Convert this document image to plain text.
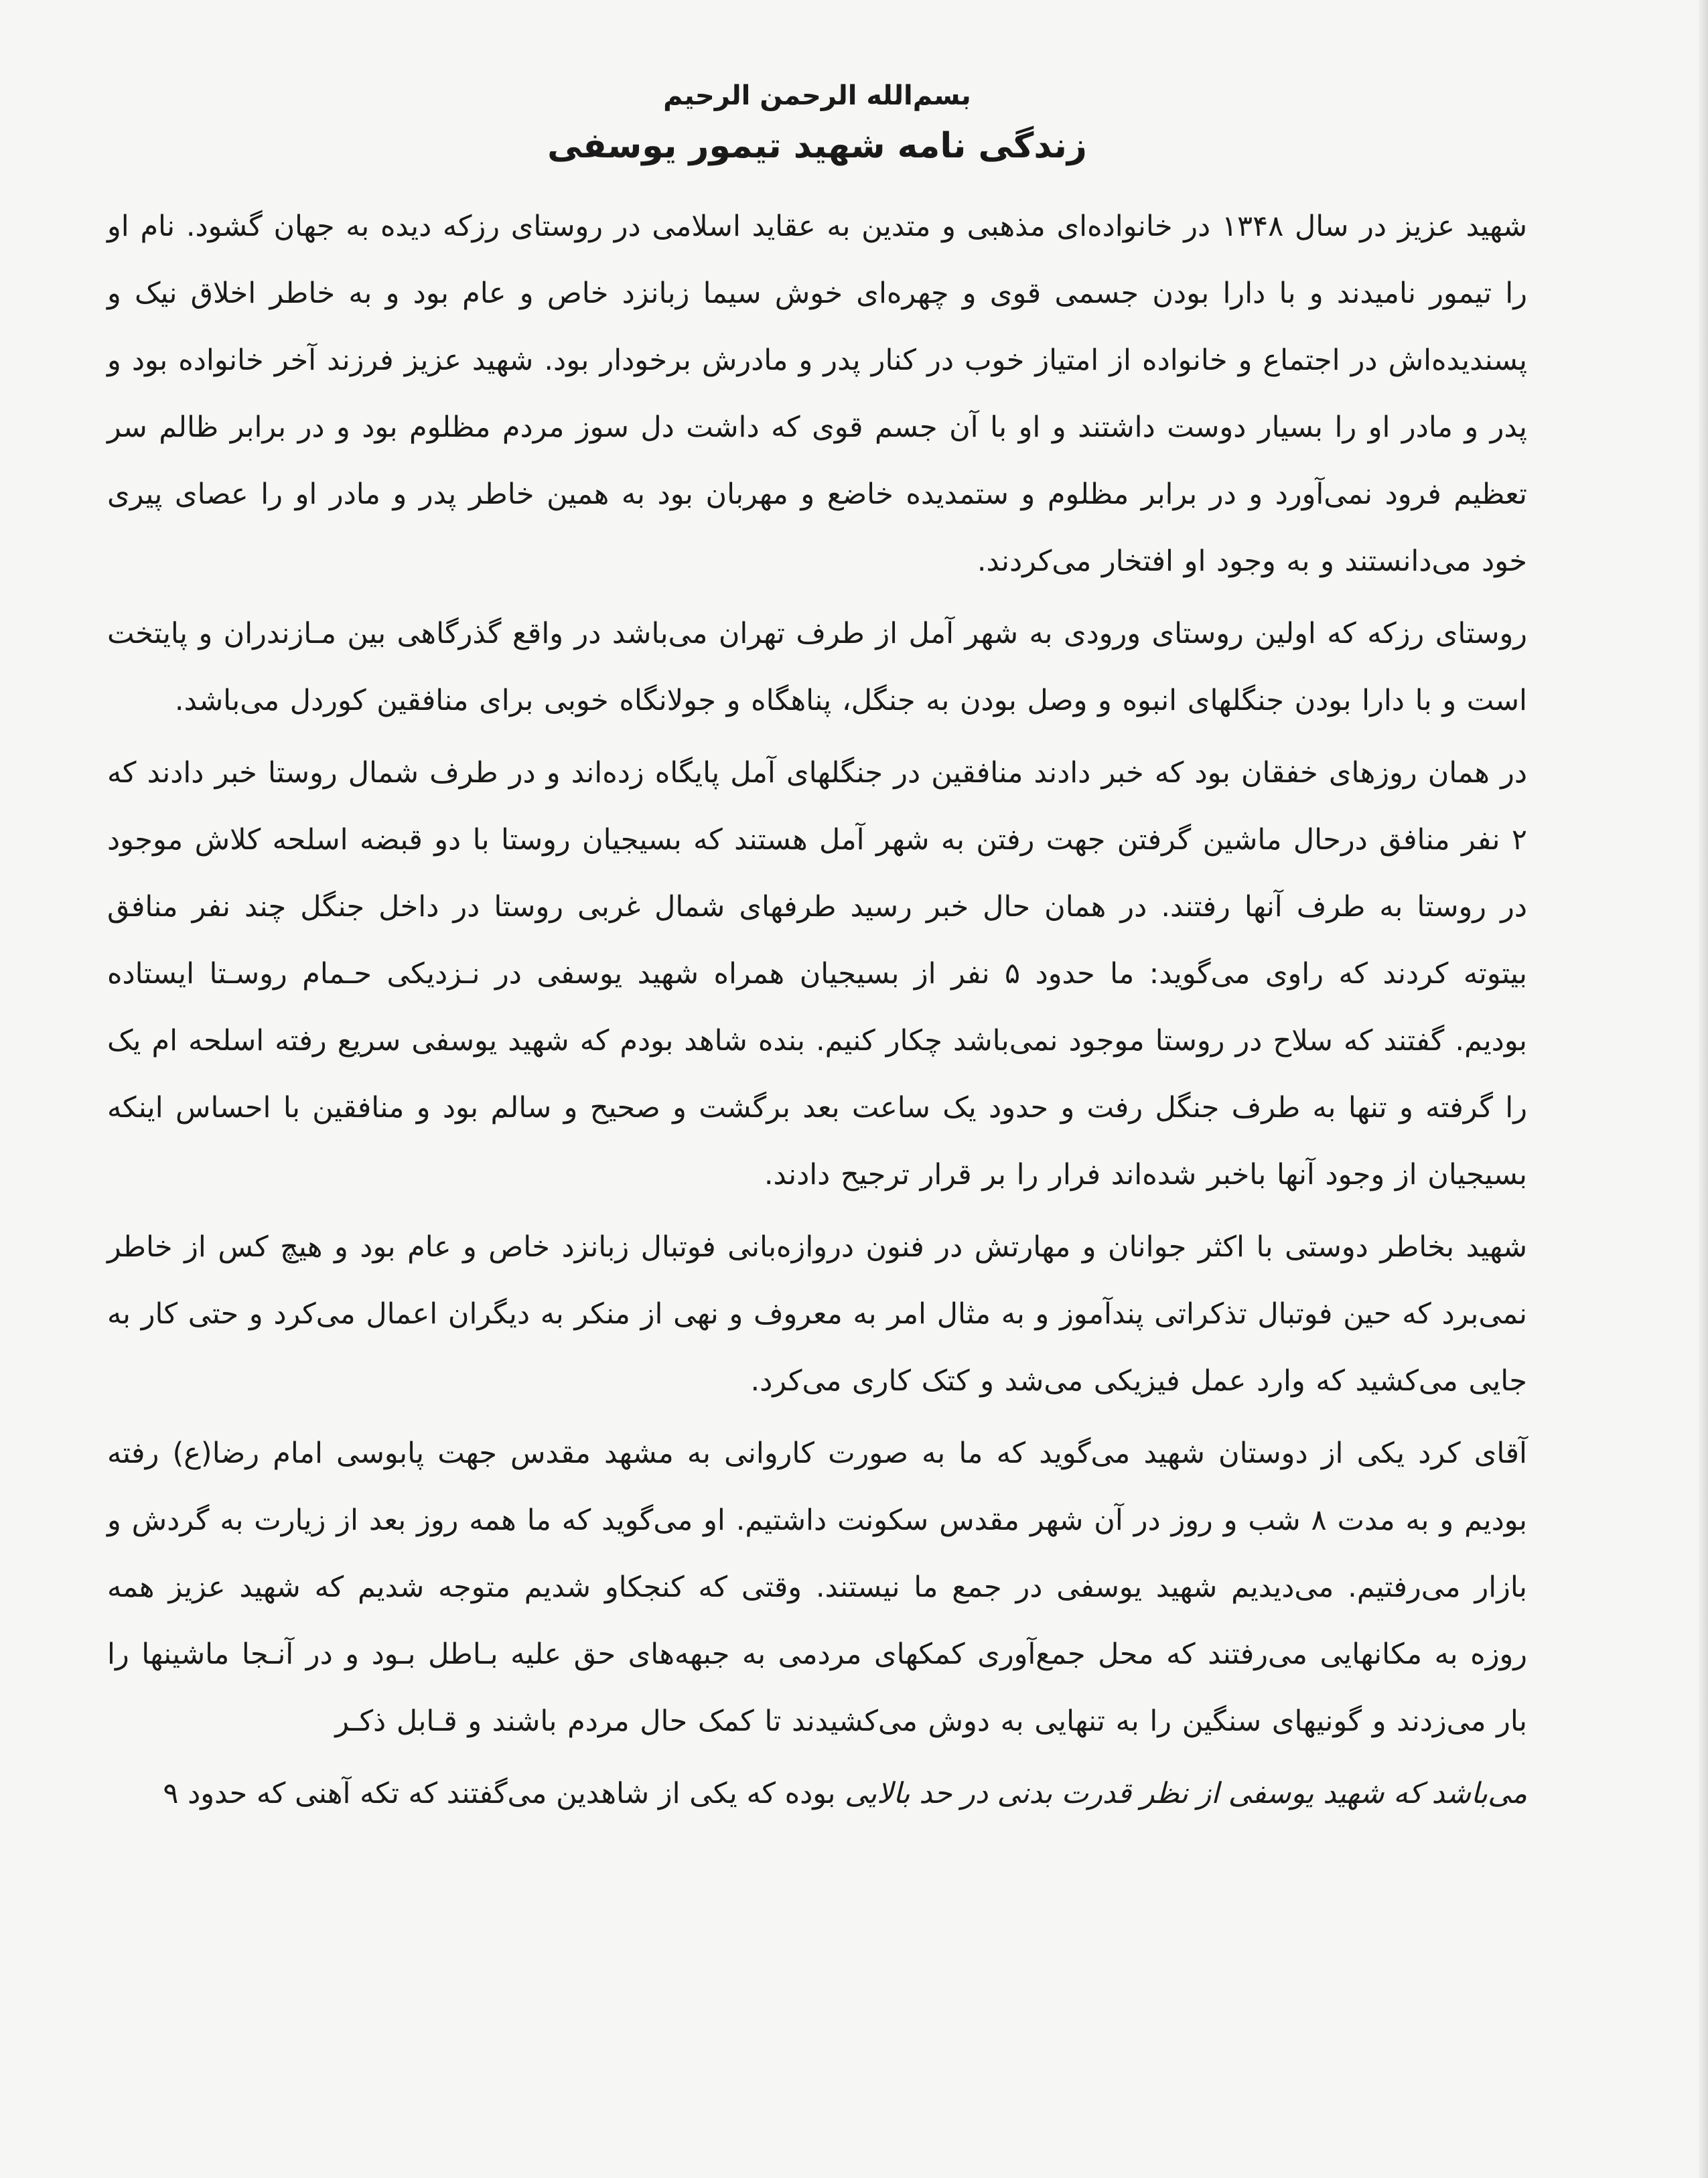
بسم‌الله الرحمن الرحیم
زندگی نامه شهید تیمور یوسفی

شهید عزیز در سال ۱۳۴۸ در خانواده‌ای مذهبی و متدین به عقاید اسلامی در روستای رزکه دیده به جهان گشود. نام او را تیمور نامیدند و با دارا بودن جسمی قوی و چهره‌ای خوش سیما زبانزد خاص و عام بود و به خاطر اخلاق نیک و پسندیده‌اش در اجتماع و خانواده از امتیاز خوب در کنار پدر و مادرش برخودار بود. شهید عزیز فرزند آخر خانواده بود و پدر و مادر او را بسیار دوست داشتند و او با آن جسم قوی که داشت دل سوز مردم مظلوم بود و در برابر ظالم سر تعظیم فرود نمی‌آورد و در برابر مظلوم و ستمدیده خاضع و مهربان بود به همین خاطر پدر و مادر او را عصای پیری خود می‌دانستند و به وجود او افتخار می‌کردند.

روستای رزکه که اولین روستای ورودی به شهر آمل از طرف تهران می‌باشد در واقع گذرگاهی بین مـازندران و پایتخت است و با دارا بودن جنگلهای انبوه و وصل بودن به جنگل، پناهگاه و جولانگاه خوبی برای منافقین کوردل می‌باشد.

در همان روزهای خفقان بود که خبر دادند منافقین در جنگلهای آمل پایگاه زده‌اند و در طرف شمال روستا خبر دادند که ۲ نفر منافق درحال ماشین گرفتن جهت رفتن به شهر آمل هستند که بسیجیان روستا با دو قبضه اسلحه کلاش موجود در روستا به طرف آنها رفتند. در همان حال خبر رسید طرفهای شمال غربی روستا در داخل جنگل چند نفر منافق بیتوته کردند که راوی می‌گوید: ما حدود ۵ نفر از بسیجیان همراه شهید یوسفی در نـزدیکی حـمام روسـتا ایستاده بودیم. گفتند که سلاح در روستا موجود نمی‌باشد چکار کنیم. بنده شاهد بودم که شهید یوسفی سریع رفته اسلحه ام یک را گرفته و تنها به طرف جنگل رفت و حدود یک ساعت بعد برگشت و صحیح و سالم بود و منافقین با احساس اینکه بسیجیان از وجود آنها باخبر شده‌اند فرار را بر قرار ترجیح دادند.

شهید بخاطر دوستی با اکثر جوانان و مهارتش در فنون دروازه‌بانی فوتبال زبانزد خاص و عام بود و هیچ کس از خاطر نمی‌برد که حین فوتبال تذکراتی پندآموز و به مثال امر به معروف و نهی از منکر به دیگران اعمال می‌کرد و حتی کار به جایی می‌کشید که وارد عمل فیزیکی می‌شد و کتک کاری می‌کرد.

آقای کرد یکی از دوستان شهید می‌گوید که ما به صورت کاروانی به مشهد مقدس جهت پابوسی امام رضا(ع) رفته بودیم و به مدت ۸ شب و روز در آن شهر مقدس سکونت داشتیم. او می‌گوید که ما همه روز بعد از زیارت به گردش و بازار می‌رفتیم. می‌دیدیم شهید یوسفی در جمع ما نیستند. وقتی که کنجکاو شدیم متوجه شدیم که شهید عزیز همه روزه به مکانهایی می‌رفتند که محل جمع‌آوری کمکهای مردمی به جبهه‌های حق علیه بـاطل بـود و در آنـجا ماشینها را بار می‌زدند و گونیهای سنگین را به تنهایی به دوش می‌کشیدند تا کمک حال مردم باشند و قـابل ذکـر

می‌باشد که شهید یوسفی از نظر قدرت بدنی در حد بالایی بوده که یکی از شاهدین می‌گفتند که تکه آهنی که حدود ۹
